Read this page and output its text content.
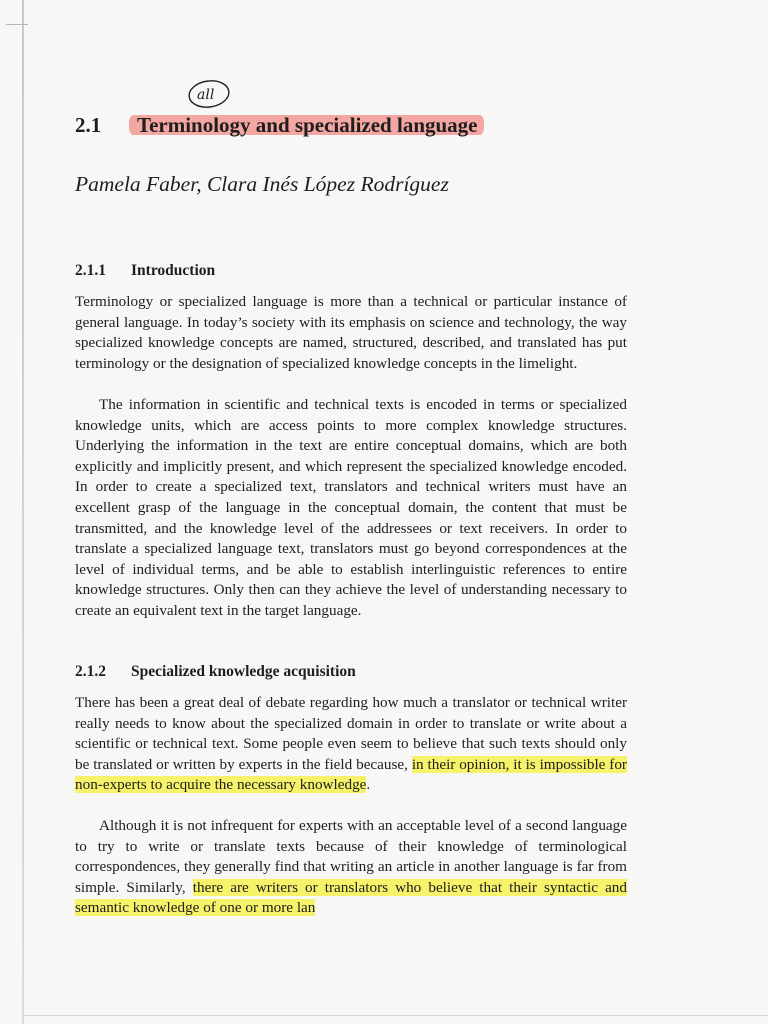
all
2.1 Terminology and specialized language
Pamela Faber, Clara Inés López Rodríguez
2.1.1 Introduction

Terminology or specialized language is more than a technical or particular instance of general language. In today’s society with its emphasis on science and technology, the way specialized knowledge concepts are named, structured, described, and translated has put terminology or the designation of specialized knowledge concepts in the limelight.

The information in scientific and technical texts is encoded in terms or specialized knowledge units, which are access points to more complex knowledge structures. Underlying the information in the text are entire conceptual domains, which are both explicitly and implicitly present, and which represent the specialized knowledge encoded. In order to create a specialized text, translators and technical writers must have an excellent grasp of the language in the conceptual domain, the content that must be transmitted, and the knowledge level of the addressees or text receivers. In order to translate a specialized language text, translators must go beyond correspondences at the level of individual terms, and be able to establish interlinguistic references to entire knowledge structures. Only then can they achieve the level of understanding necessary to create an equivalent text in the target language.

2.1.2 Specialized knowledge acquisition

There has been a great deal of debate regarding how much a translator or technical writer really needs to know about the specialized domain in order to translate or write about a scientific or technical text. Some people even seem to believe that such texts should only be translated or written by experts in the field because, in their opinion, it is impossible for non-experts to acquire the necessary knowledge.

Although it is not infrequent for experts with an acceptable level of a second language to try to write or translate texts because of their knowledge of terminological correspondences, they generally find that writing an article in another language is far from simple. Similarly, there are writers or translators who believe that their syntactic and semantic knowledge of one or more lan
